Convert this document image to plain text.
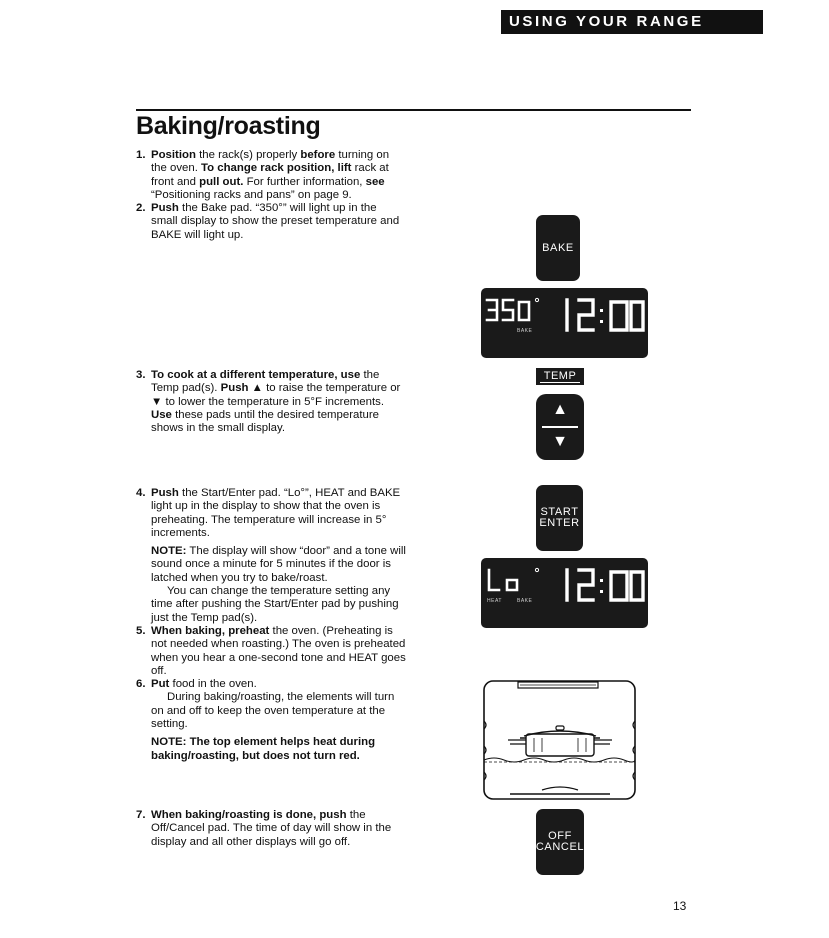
USING YOUR RANGE
Baking/roasting
1. Position the rack(s) properly before turning on the oven. To change rack position, lift rack at front and pull out. For further information, see “Positioning racks and pans” on page 9.

2. Push the Bake pad. “350°” will light up in the small display to show the preset temperature and BAKE will light up.

3. To cook at a different temperature, use the Temp pad(s). Push ▲ to raise the temperature or ▼ to lower the temperature in 5°F increments. Use these pads until the desired temperature shows in the small display.

4. Push the Start/Enter pad. “Lo°”, HEAT and BAKE light up in the display to show that the oven is preheating. The temperature will increase in 5° increments.

NOTE: The display will show “door” and a tone will sound once a minute for 5 minutes if the door is latched when you try to bake/roast.

You can change the temperature setting any time after pushing the Start/Enter pad by pushing just the Temp pad(s).

5. When baking, preheat the oven. (Preheating is not needed when roasting.) The oven is preheated when you hear a one-second tone and HEAT goes off.

6. Put food in the oven.

During baking/roasting, the elements will turn on and off to keep the oven temperature at the setting.

NOTE: The top element helps heat during baking/roasting, but does not turn red.

7. When baking/roasting is done, push the Off/Cancel pad. The time of day will show in the display and all other displays will go off.

BAKE
BAKE
TEMP
▲
▼
START
ENTER
HEAT	BAKE
OFF
CANCEL
13
